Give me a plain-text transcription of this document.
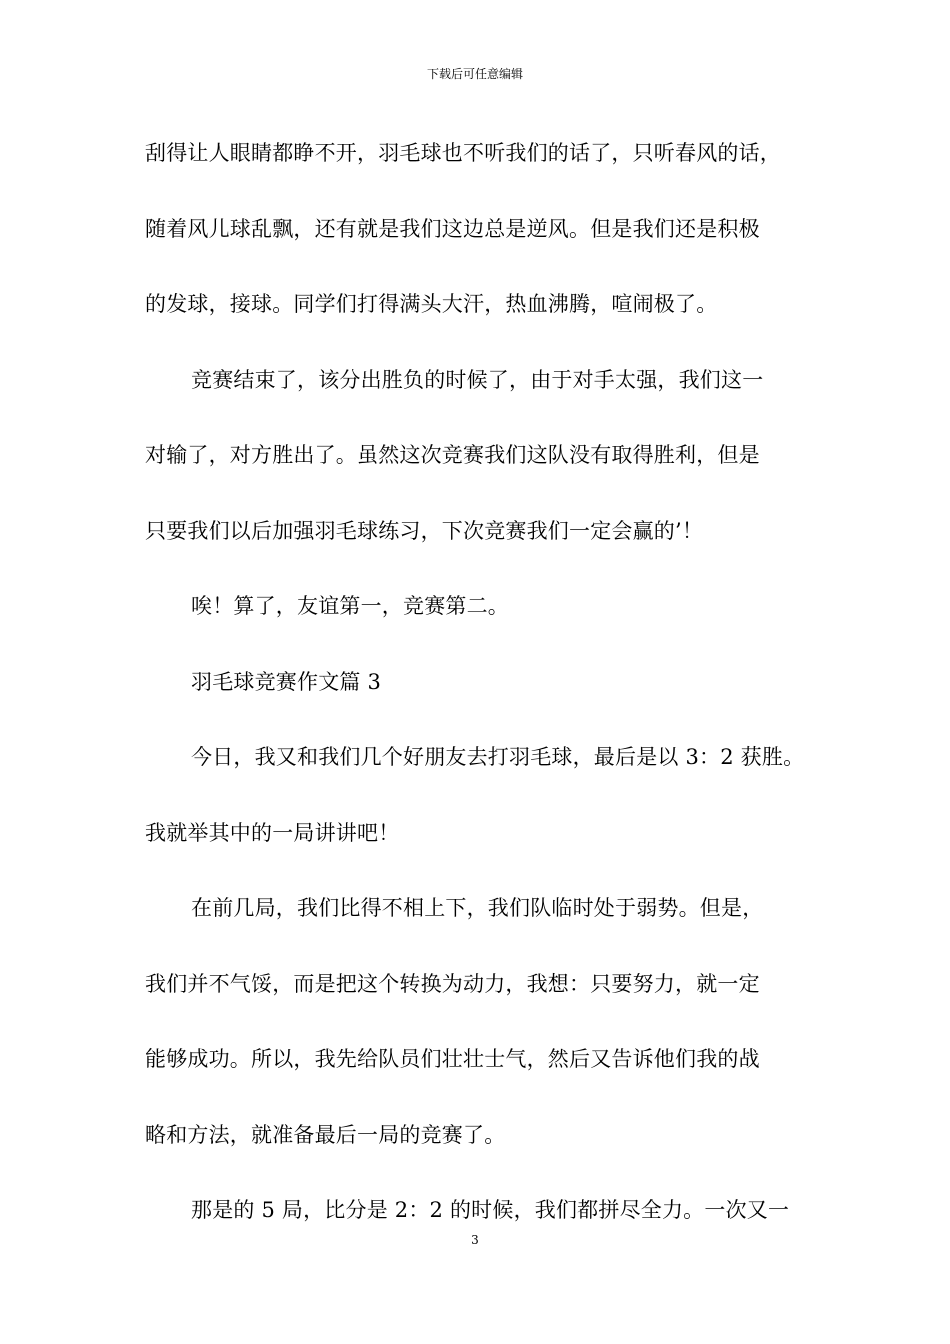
下载后可任意编辑
刮得让人眼睛都睁不开，羽毛球也不听我们的话了，只听春风的话，
随着风儿球乱飘，还有就是我们这边总是逆风。但是我们还是积极
的发球，接球。同学们打得满头大汗，热血沸腾，喧闹极了。
竞赛结束了，该分出胜负的时候了，由于对手太强，我们这一
对输了，对方胜出了。虽然这次竞赛我们这队没有取得胜利，但是
只要我们以后加强羽毛球练习，下次竞赛我们一定会赢的’！
唉！算了，友谊第一，竞赛第二。
羽毛球竞赛作文篇 3
今日，我又和我们几个好朋友去打羽毛球，最后是以 3：2 获胜。
我就举其中的一局讲讲吧！
在前几局，我们比得不相上下，我们队临时处于弱势。但是，
我们并不气馁，而是把这个转换为动力，我想：只要努力，就一定
能够成功。所以，我先给队员们壮壮士气，然后又告诉他们我的战
略和方法，就准备最后一局的竞赛了。
那是的 5 局，比分是 2：2 的时候，我们都拼尽全力。一次又一
3
